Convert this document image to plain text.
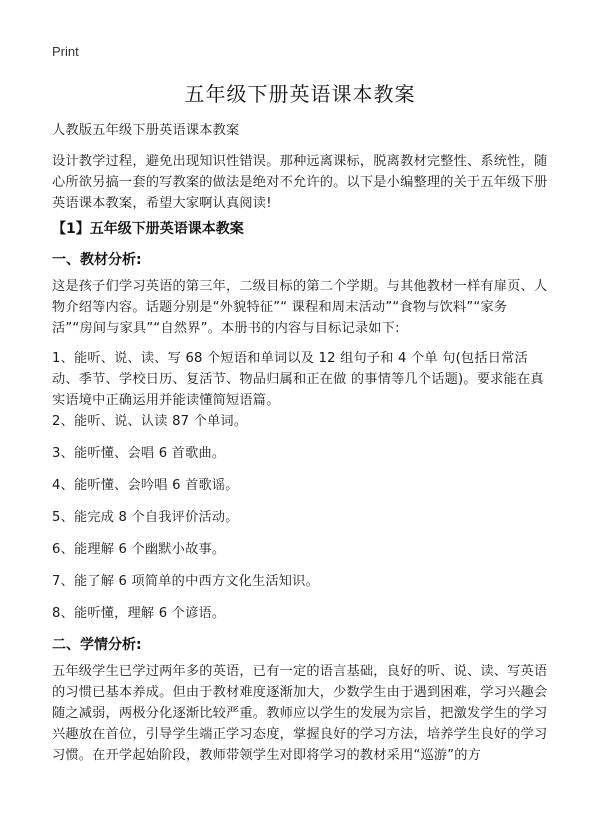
Print
五年级下册英语课本教案

人教版五年级下册英语课本教案

设计教学过程，避免出现知识性错误。那种远离课标，脱离教材完整性、系统性，随心所欲另搞一套的写教案的做法是绝对不允许的。以下是小编整理的关于五年级下册英语课本教案，希望大家啊认真阅读!

【1】五年级下册英语课本教案

一、教材分析:

这是孩子们学习英语的第三年，二级目标的第二个学期。与其他教材一样有扉页、人物介绍等内容。话题分别是“外貌特征”“ 课程和周末活动”“食物与饮料”“家务活”“房间与家具”“自然界”。本册书的内容与目标记录如下:

1、能听、说、读、写 68 个短语和单词以及 12 组句子和 4 个单 句(包括日常活动、季节、学校日历、复活节、物品归属和正在做 的事情等几个话题)。要求能在真实语境中正确运用并能读懂简短语篇。

2、能听、说、认读 87 个单词。

3、能听懂、会唱 6 首歌曲。

4、能听懂、会吟唱 6 首歌谣。

5、能完成 8 个自我评价活动。

6、能理解 6 个幽默小故事。

7、能了解 6 项简单的中西方文化生活知识。

8、能听懂，理解 6 个谚语。

二、学情分析:

五年级学生已学过两年多的英语，已有一定的语言基础，良好的听、说、读、写英语的习惯已基本养成。但由于教材难度逐渐加大，少数学生由于遇到困难，学习兴趣会随之减弱，两极分化逐渐比较严重。教师应以学生的发展为宗旨，把激发学生的学习兴趣放在首位，引导学生端正学习态度，掌握良好的学习方法，培养学生良好的学习习惯。在开学起始阶段，教师带领学生对即将学习的教材采用“巡游”的方
